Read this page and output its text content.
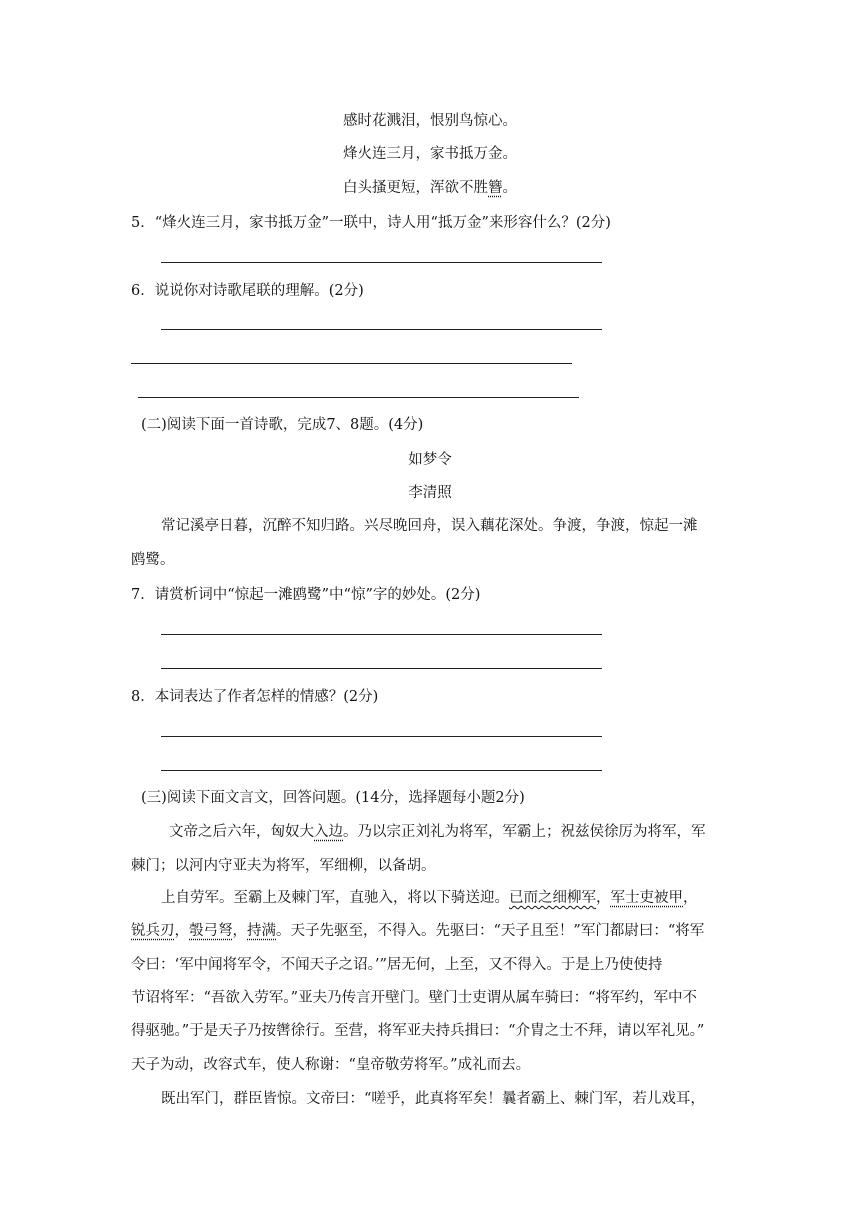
感时花溅泪，恨别鸟惊心。
烽火连三月，家书抵万金。
白头搔更短，浑欲不胜簪。
5．“烽火连三月，家书抵万金”一联中，诗人用“抵万金”来形容什么？(2分)
6．说说你对诗歌尾联的理解。(2分)
(二)阅读下面一首诗歌，完成7、8题。(4分)
如梦令
李清照
常记溪亭日暮，沉醉不知归路。兴尽晚回舟，误入藕花深处。争渡，争渡，惊起一滩
鸥鹭。
7．请赏析词中“惊起一滩鸥鹭”中“惊”字的妙处。(2分)
8．本词表达了作者怎样的情感？(2分)
(三)阅读下面文言文，回答问题。(14分，选择题每小题2分)
文帝之后六年，匈奴大入边。乃以宗正刘礼为将军，军霸上；祝兹侯徐厉为将军，军
棘门；以河内守亚夫为将军，军细柳，以备胡。
上自劳军。至霸上及棘门军，直驰入，将以下骑送迎。已而之细柳军，军士吏被甲，
锐兵刃，彀弓弩，持满。天子先驱至，不得入。先驱曰：“天子且至！”军门都尉曰：“将军
令曰：‘军中闻将军令，不闻天子之诏。’”居无何，上至，又不得入。于是上乃使使持
节诏将军：“吾欲入劳军。”亚夫乃传言开壁门。壁门士吏谓从属车骑曰：“将军约，军中不
得驱驰。”于是天子乃按辔徐行。至营，将军亚夫持兵揖曰：“介胄之士不拜，请以军礼见。”
天子为动，改容式车，使人称谢：“皇帝敬劳将军。”成礼而去。
既出军门，群臣皆惊。文帝曰：“嗟乎，此真将军矣！曩者霸上、棘门军，若儿戏耳，
